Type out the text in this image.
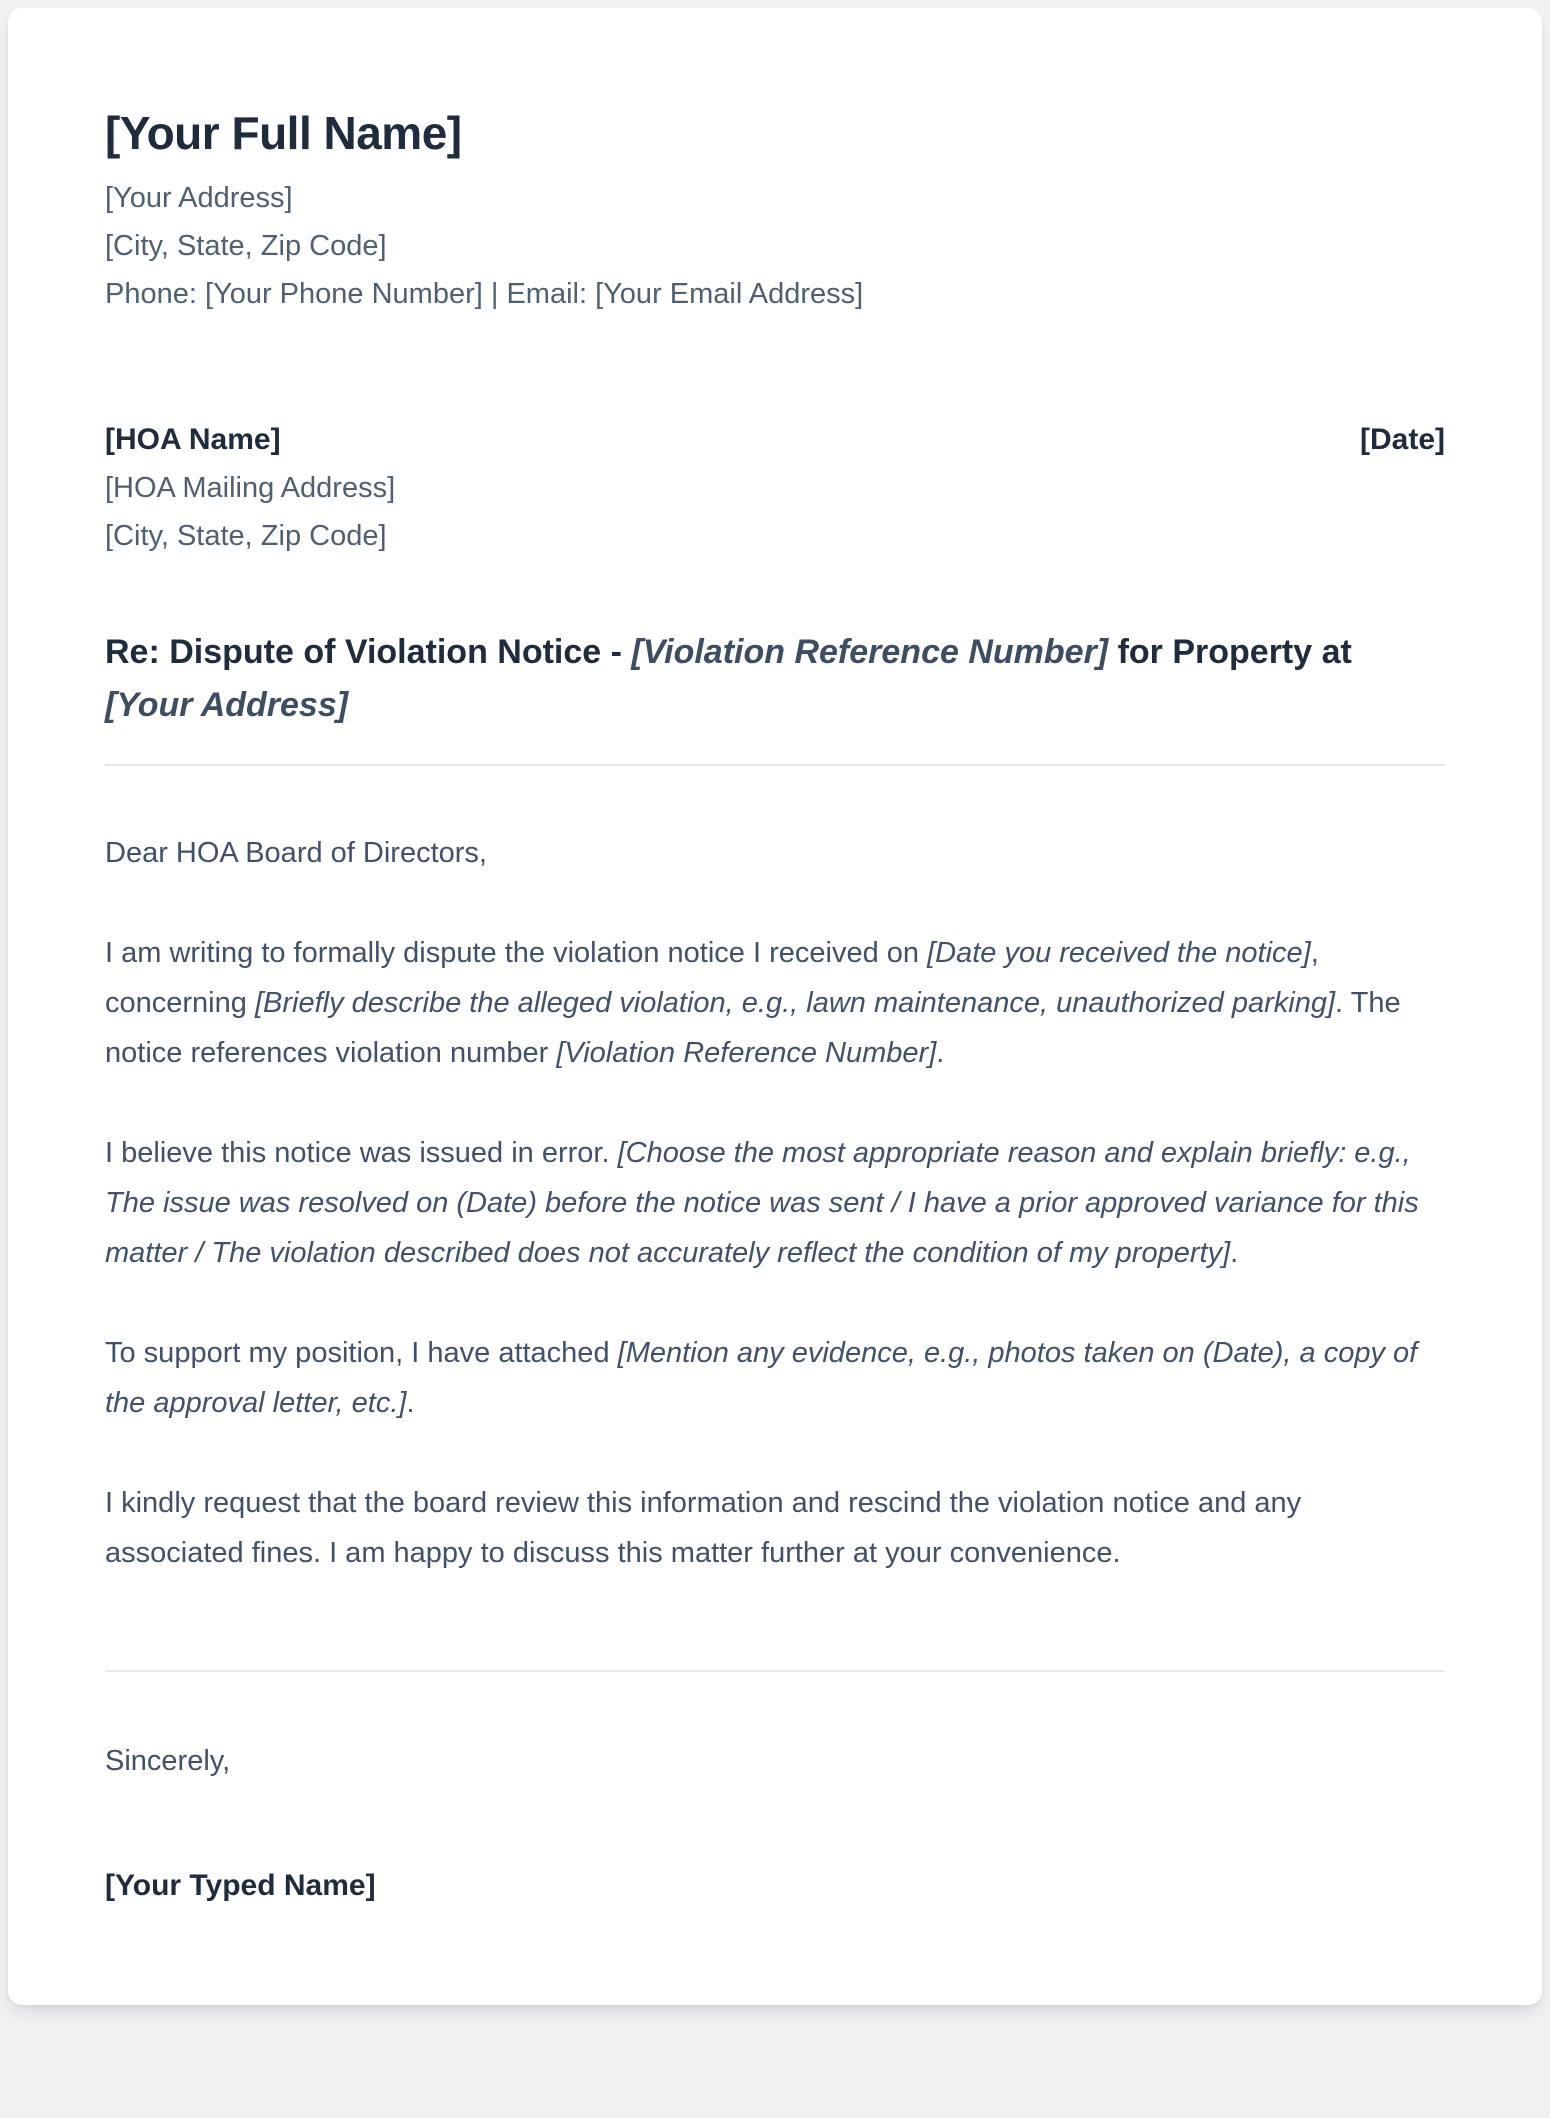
[Your Full Name]
[Your Address]
[City, State, Zip Code]
Phone: [Your Phone Number] | Email: [Your Email Address]
[HOA Name]
[HOA Mailing Address]
[City, State, Zip Code]
[Date]
Re: Dispute of Violation Notice - [Violation Reference Number] for Property at [Your Address]

Dear HOA Board of Directors,

I am writing to formally dispute the violation notice I received on [Date you received the notice], concerning [Briefly describe the alleged violation, e.g., lawn maintenance, unauthorized parking]. The notice references violation number [Violation Reference Number].

I believe this notice was issued in error. [Choose the most appropriate reason and explain briefly: e.g., The issue was resolved on (Date) before the notice was sent / I have a prior approved variance for this matter / The violation described does not accurately reflect the condition of my property].

To support my position, I have attached [Mention any evidence, e.g., photos taken on (Date), a copy of the approval letter, etc.].

I kindly request that the board review this information and rescind the violation notice and any associated fines. I am happy to discuss this matter further at your convenience.

Sincerely,
[Your Typed Name]
